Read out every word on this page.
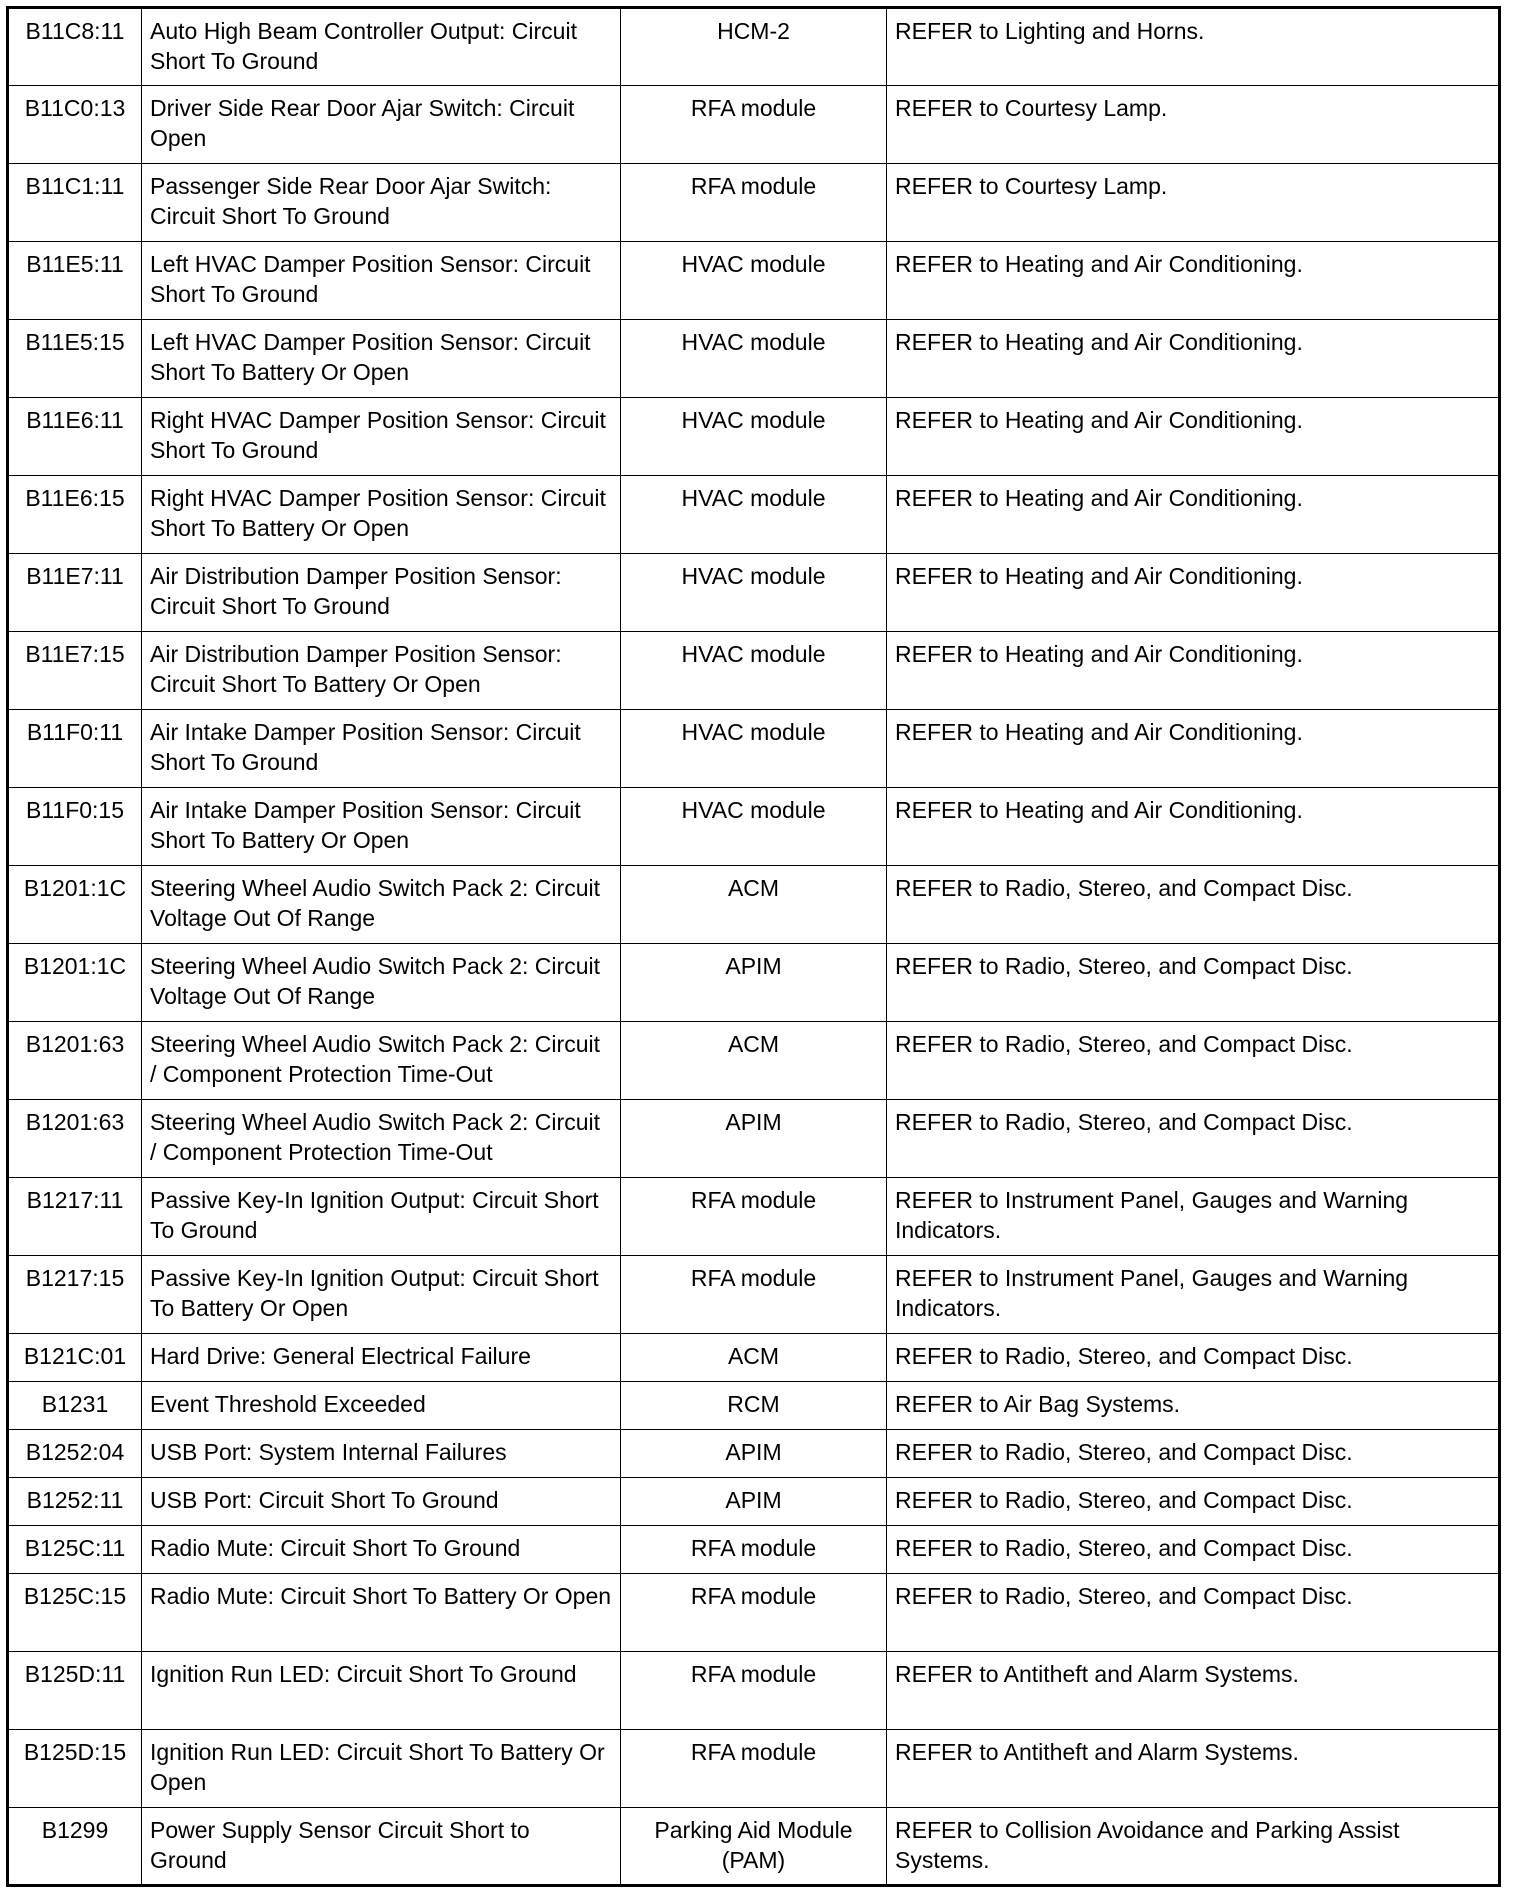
B11C8:11	Auto High Beam Controller Output: Circuit Short To Ground	HCM-2	REFER to Lighting and Horns.
B11C0:13	Driver Side Rear Door Ajar Switch: Circuit Open	RFA module	REFER to Courtesy Lamp.
B11C1:11	Passenger Side Rear Door Ajar Switch: Circuit Short To Ground	RFA module	REFER to Courtesy Lamp.
B11E5:11	Left HVAC Damper Position Sensor: Circuit Short To Ground	HVAC module	REFER to Heating and Air Conditioning.
B11E5:15	Left HVAC Damper Position Sensor: Circuit Short To Battery Or Open	HVAC module	REFER to Heating and Air Conditioning.
B11E6:11	Right HVAC Damper Position Sensor: Circuit Short To Ground	HVAC module	REFER to Heating and Air Conditioning.
B11E6:15	Right HVAC Damper Position Sensor: Circuit Short To Battery Or Open	HVAC module	REFER to Heating and Air Conditioning.
B11E7:11	Air Distribution Damper Position Sensor: Circuit Short To Ground	HVAC module	REFER to Heating and Air Conditioning.
B11E7:15	Air Distribution Damper Position Sensor: Circuit Short To Battery Or Open	HVAC module	REFER to Heating and Air Conditioning.
B11F0:11	Air Intake Damper Position Sensor: Circuit Short To Ground	HVAC module	REFER to Heating and Air Conditioning.
B11F0:15	Air Intake Damper Position Sensor: Circuit Short To Battery Or Open	HVAC module	REFER to Heating and Air Conditioning.
B1201:1C	Steering Wheel Audio Switch Pack 2: Circuit Voltage Out Of Range	ACM	REFER to Radio, Stereo, and Compact Disc.
B1201:1C	Steering Wheel Audio Switch Pack 2: Circuit Voltage Out Of Range	APIM	REFER to Radio, Stereo, and Compact Disc.
B1201:63	Steering Wheel Audio Switch Pack 2: Circuit / Component Protection Time-Out	ACM	REFER to Radio, Stereo, and Compact Disc.
B1201:63	Steering Wheel Audio Switch Pack 2: Circuit / Component Protection Time-Out	APIM	REFER to Radio, Stereo, and Compact Disc.
B1217:11	Passive Key-In Ignition Output: Circuit Short To Ground	RFA module	REFER to Instrument Panel, Gauges and Warning Indicators.
B1217:15	Passive Key-In Ignition Output: Circuit Short To Battery Or Open	RFA module	REFER to Instrument Panel, Gauges and Warning Indicators.
B121C:01	Hard Drive: General Electrical Failure	ACM	REFER to Radio, Stereo, and Compact Disc.
B1231	Event Threshold Exceeded	RCM	REFER to Air Bag Systems.
B1252:04	USB Port: System Internal Failures	APIM	REFER to Radio, Stereo, and Compact Disc.
B1252:11	USB Port: Circuit Short To Ground	APIM	REFER to Radio, Stereo, and Compact Disc.
B125C:11	Radio Mute: Circuit Short To Ground	RFA module	REFER to Radio, Stereo, and Compact Disc.
B125C:15	Radio Mute: Circuit Short To Battery Or Open	RFA module	REFER to Radio, Stereo, and Compact Disc.
B125D:11	Ignition Run LED: Circuit Short To Ground	RFA module	REFER to Antitheft and Alarm Systems.
B125D:15	Ignition Run LED: Circuit Short To Battery Or Open	RFA module	REFER to Antitheft and Alarm Systems.
B1299	Power Supply Sensor Circuit Short to Ground	Parking Aid Module (PAM)	REFER to Collision Avoidance and Parking Assist Systems.
